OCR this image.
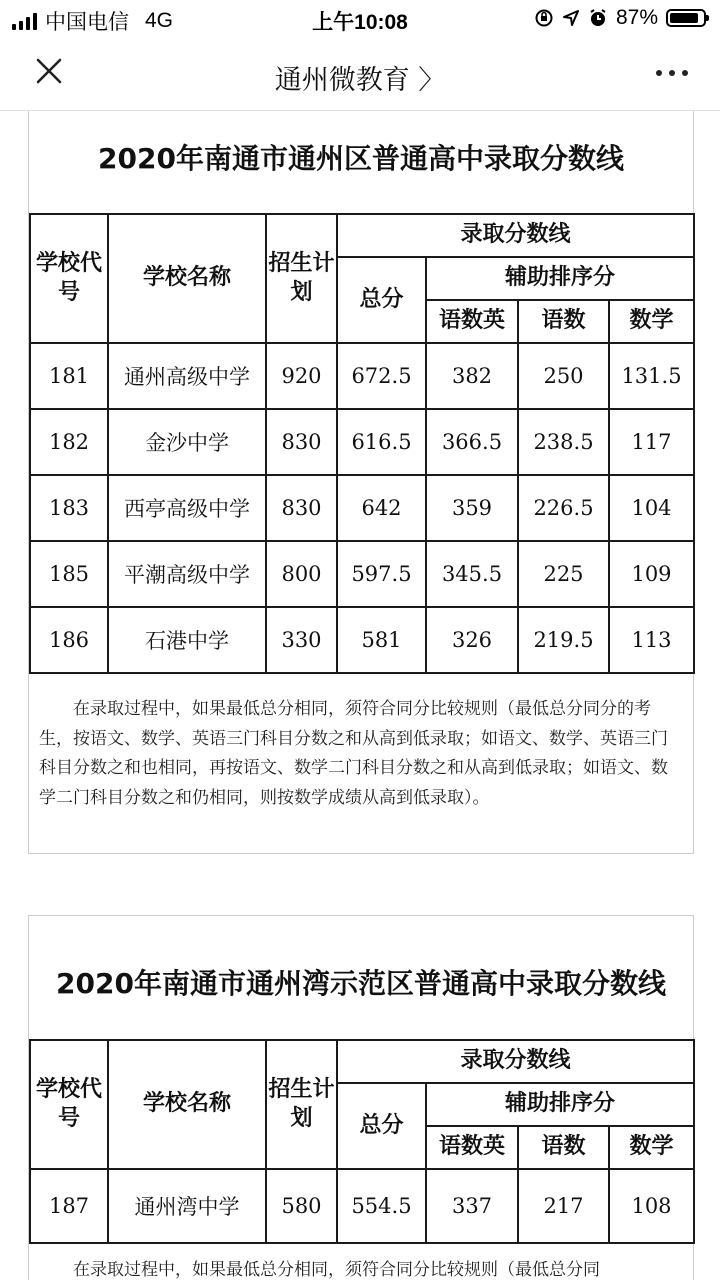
中国电信 4G	上午10:08	87%
通州微教育 〉
2020年南通市通州区普通高中录取分数线
学校代号	学校名称	招生计划	录取分数线			
			总分	辅助排序分		
				语数英	语数	数学
181	通州高级中学	920	672.5	382	250	131.5
182	金沙中学	830	616.5	366.5	238.5	117
183	西亭高级中学	830	642	359	226.5	104
185	平潮高级中学	800	597.5	345.5	225	109
186	石港中学	330	581	326	219.5	113
在录取过程中，如果最低总分相同，须符合同分比较规则（最低总分同分的考生，按语文、数学、英语三门科目分数之和从高到低录取；如语文、数学、英语三门科目分数之和也相同，再按语文、数学二门科目分数之和从高到低录取；如语文、数学二门科目分数之和仍相同，则按数学成绩从高到低录取）。
2020年南通市通州湾示范区普通高中录取分数线
学校代号	学校名称	招生计划	录取分数线			
			总分	辅助排序分		
				语数英	语数	数学
187	通州湾中学	580	554.5	337	217	108
在录取过程中，如果最低总分相同，须符合同分比较规则（最低总分同
